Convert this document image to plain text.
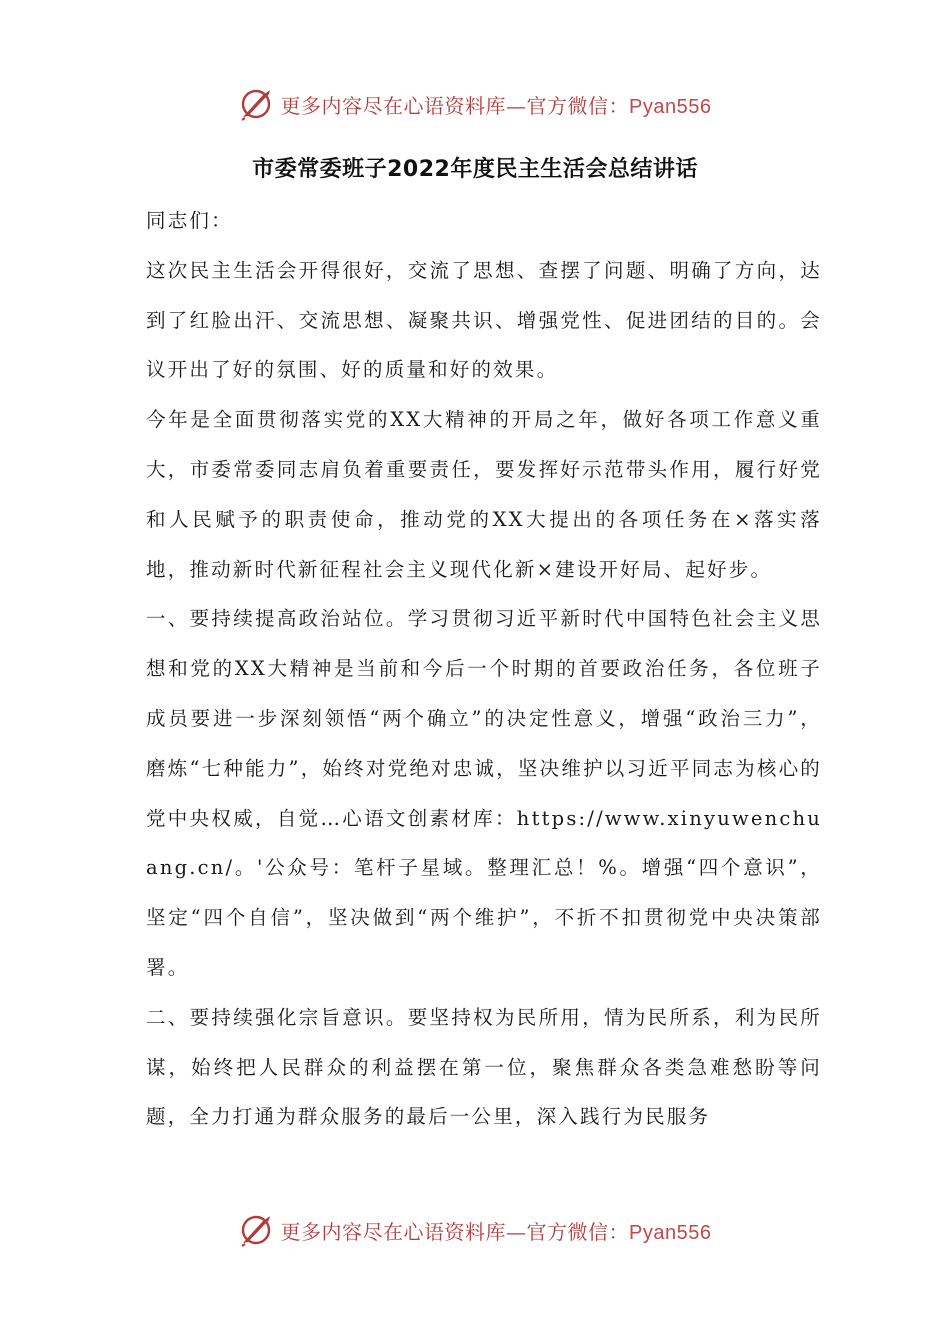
更多内容尽在心语资料库—官方微信：Pyan556
市委常委班子2022年度民主生活会总结讲话

同志们：

这次民主生活会开得很好，交流了思想、查摆了问题、明确了方向，达到了红脸出汗、交流思想、凝聚共识、增强党性、促进团结的目的。会议开出了好的氛围、好的质量和好的效果。

今年是全面贯彻落实党的XX大精神的开局之年，做好各项工作意义重大，市委常委同志肩负着重要责任，要发挥好示范带头作用，履行好党和人民赋予的职责使命，推动党的XX大提出的各项任务在×落实落地，推动新时代新征程社会主义现代化新×建设开好局、起好步。

一、要持续提高政治站位。学习贯彻习近平新时代中国特色社会主义思想和党的XX大精神是当前和今后一个时期的首要政治任务，各位班子成员要进一步深刻领悟“两个确立”的决定性意义，增强“政治三力”，磨炼“七种能力”，始终对党绝对忠诚，坚决维护以习近平同志为核心的党中央权威，自觉…心语文创素材库：https://www.xinyuwenchuang.cn/。'公众号：笔杆子星域。整理汇总！%。增强“四个意识”，坚定“四个自信”，坚决做到“两个维护”，不折不扣贯彻党中央决策部署。

二、要持续强化宗旨意识。要坚持权为民所用，情为民所系，利为民所谋，始终把人民群众的利益摆在第一位，聚焦群众各类急难愁盼等问题，全力打通为群众服务的最后一公里，深入践行为民服务

更多内容尽在心语资料库—官方微信：Pyan556
